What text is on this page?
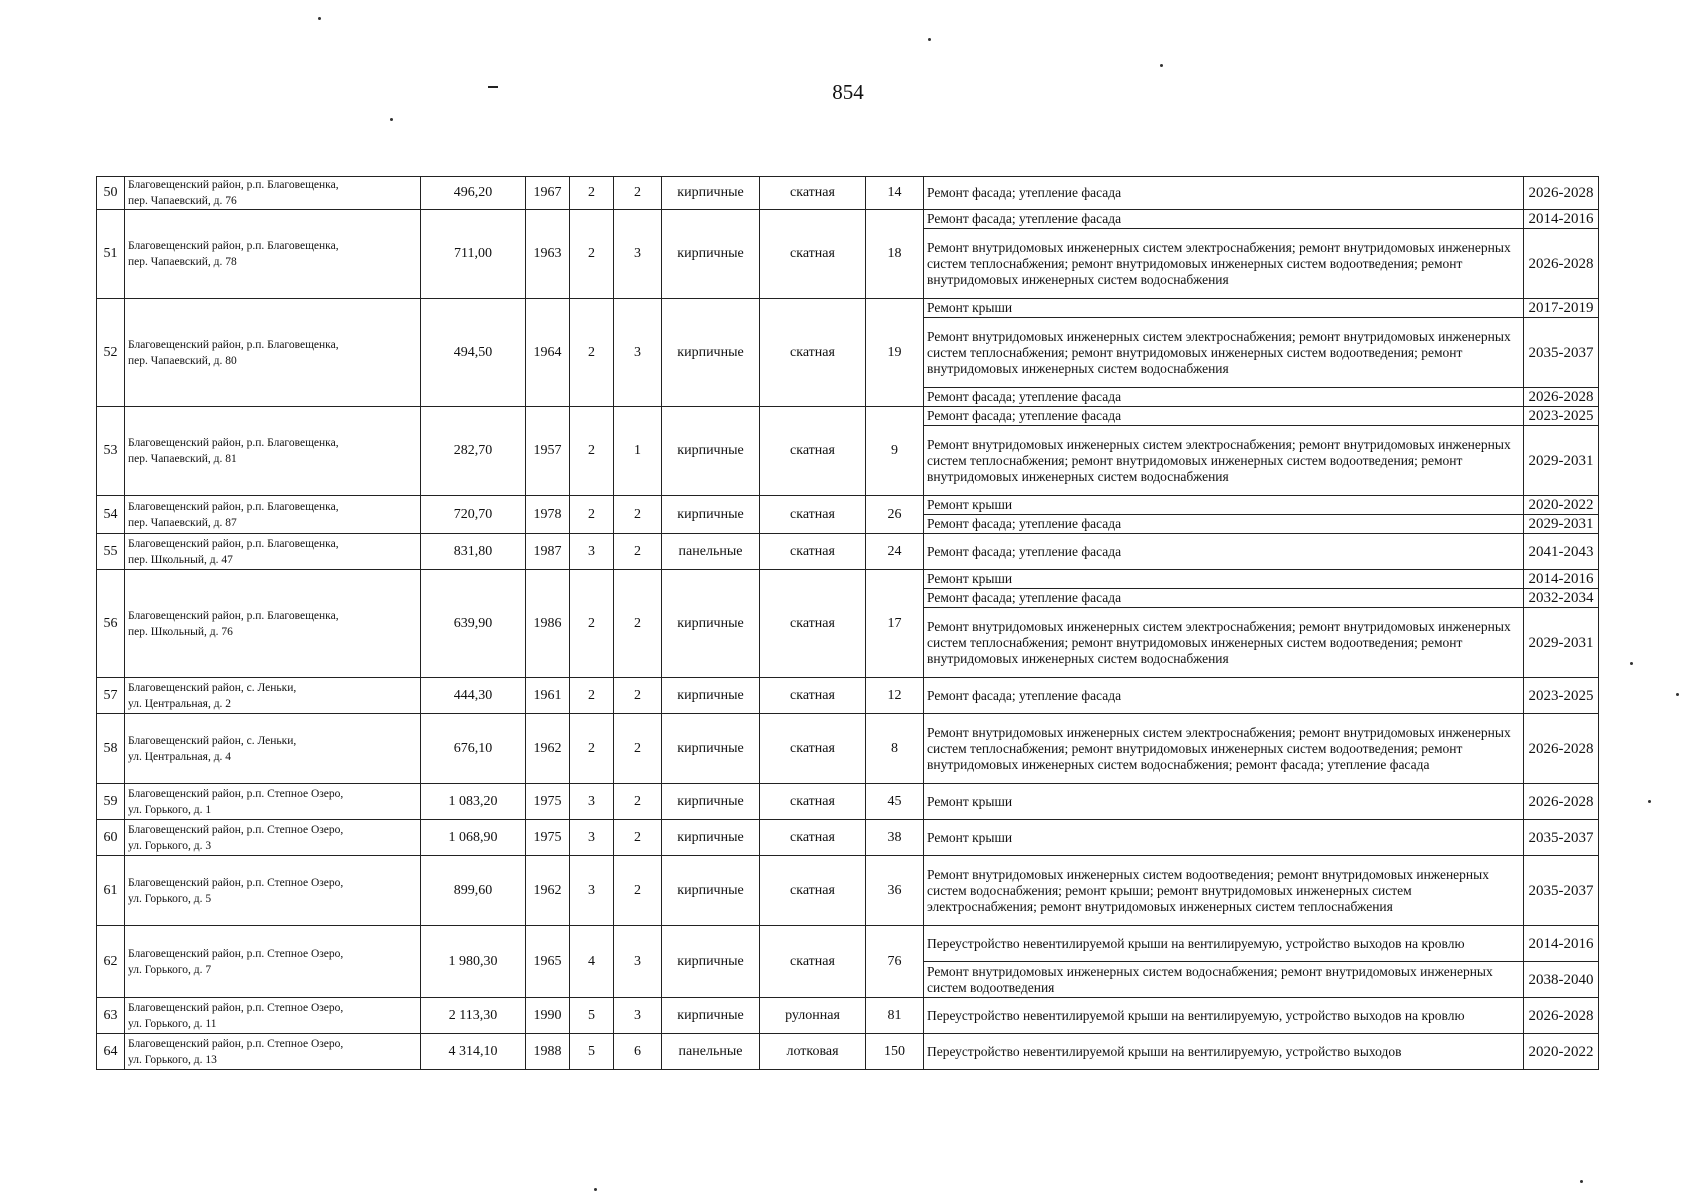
854
50	Благовещенский район, р.п. Благовещенка,
пер. Чапаевский, д. 76	496,20	1967	2	2	кирпичные	скатная	14	Ремонт фасада; утепление фасада	2026-2028
51	Благовещенский район, р.п. Благовещенка,
пер. Чапаевский, д. 78	711,00	1963	2	3	кирпичные	скатная	18	Ремонт фасада; утепление фасада	2014-2016
									Ремонт внутридомовых инженерных систем электроснабжения; ремонт внутридомовых инженерных систем теплоснабжения; ремонт внутридомовых инженерных систем водоотведения; ремонт внутридомовых инженерных систем водоснабжения	2026-2028
52	Благовещенский район, р.п. Благовещенка,
пер. Чапаевский, д. 80	494,50	1964	2	3	кирпичные	скатная	19	Ремонт крыши	2017-2019
									Ремонт внутридомовых инженерных систем электроснабжения; ремонт внутридомовых инженерных систем теплоснабжения; ремонт внутридомовых инженерных систем водоотведения; ремонт внутридомовых инженерных систем водоснабжения	2035-2037
									Ремонт фасада; утепление фасада	2026-2028
53	Благовещенский район, р.п. Благовещенка,
пер. Чапаевский, д. 81	282,70	1957	2	1	кирпичные	скатная	9	Ремонт фасада; утепление фасада	2023-2025
									Ремонт внутридомовых инженерных систем электроснабжения; ремонт внутридомовых инженерных систем теплоснабжения; ремонт внутридомовых инженерных систем водоотведения; ремонт внутридомовых инженерных систем водоснабжения	2029-2031
54	Благовещенский район, р.п. Благовещенка,
пер. Чапаевский, д. 87	720,70	1978	2	2	кирпичные	скатная	26	Ремонт крыши	2020-2022
									Ремонт фасада; утепление фасада	2029-2031
55	Благовещенский район, р.п. Благовещенка,
пер. Школьный, д. 47	831,80	1987	3	2	панельные	скатная	24	Ремонт фасада; утепление фасада	2041-2043
56	Благовещенский район, р.п. Благовещенка,
пер. Школьный, д. 76	639,90	1986	2	2	кирпичные	скатная	17	Ремонт крыши	2014-2016
									Ремонт фасада; утепление фасада	2032-2034
									Ремонт внутридомовых инженерных систем электроснабжения; ремонт внутридомовых инженерных систем теплоснабжения; ремонт внутридомовых инженерных систем водоотведения; ремонт внутридомовых инженерных систем водоснабжения	2029-2031
57	Благовещенский район, с. Леньки,
ул. Центральная, д. 2	444,30	1961	2	2	кирпичные	скатная	12	Ремонт фасада; утепление фасада	2023-2025
58	Благовещенский район, с. Леньки,
ул. Центральная, д. 4	676,10	1962	2	2	кирпичные	скатная	8	Ремонт внутридомовых инженерных систем электроснабжения; ремонт внутридомовых инженерных систем теплоснабжения; ремонт внутридомовых инженерных систем водоотведения; ремонт внутридомовых инженерных систем водоснабжения; ремонт фасада; утепление фасада	2026-2028
59	Благовещенский район, р.п. Степное Озеро,
ул. Горького, д. 1	1 083,20	1975	3	2	кирпичные	скатная	45	Ремонт крыши	2026-2028
60	Благовещенский район, р.п. Степное Озеро,
ул. Горького, д. 3	1 068,90	1975	3	2	кирпичные	скатная	38	Ремонт крыши	2035-2037
61	Благовещенский район, р.п. Степное Озеро,
ул. Горького, д. 5	899,60	1962	3	2	кирпичные	скатная	36	Ремонт внутридомовых инженерных систем водоотведения; ремонт внутридомовых инженерных систем водоснабжения; ремонт крыши; ремонт внутридомовых инженерных систем электроснабжения; ремонт внутридомовых инженерных систем теплоснабжения	2035-2037
62	Благовещенский район, р.п. Степное Озеро,
ул. Горького, д. 7	1 980,30	1965	4	3	кирпичные	скатная	76	Переустройство невентилируемой крыши на вентилируемую, устройство выходов на кровлю	2014-2016
									Ремонт внутридомовых инженерных систем водоснабжения; ремонт внутридомовых инженерных систем водоотведения	2038-2040
63	Благовещенский район, р.п. Степное Озеро,
ул. Горького, д. 11	2 113,30	1990	5	3	кирпичные	рулонная	81	Переустройство невентилируемой крыши на вентилируемую, устройство выходов на кровлю	2026-2028
64	Благовещенский район, р.п. Степное Озеро,
ул. Горького, д. 13	4 314,10	1988	5	6	панельные	лотковая	150	Переустройство невентилируемой крыши на вентилируемую, устройство выходов	2020-2022
